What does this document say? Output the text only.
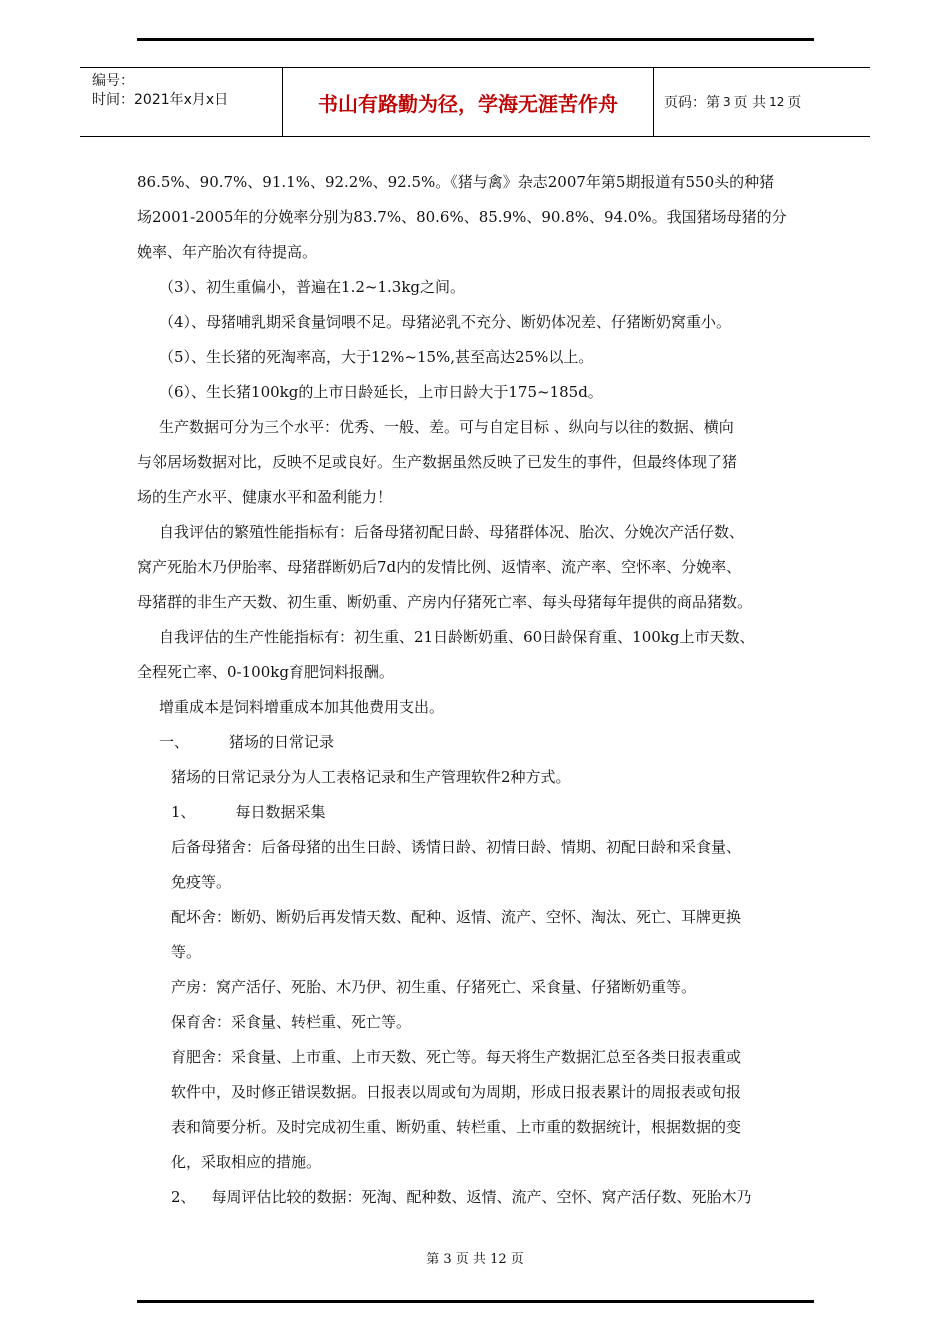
编号：
时间：2021年x月x日	书山有路勤为径，学海无涯苦作舟	页码：第 3 页 共 12 页

86.5%、90.7%、91.1%、92.2%、92.5%。《猪与禽》杂志2007年第5期报道有550头的种猪

场2001-2005年的分娩率分别为83.7%、80.6%、85.9%、90.8%、94.0%。我国猪场母猪的分

娩率、年产胎次有待提高。

（3）、初生重偏小，普遍在1.2~1.3kg之间。

（4）、母猪哺乳期采食量饲喂不足。母猪泌乳不充分、断奶体况差、仔猪断奶窝重小。

（5）、生长猪的死淘率高，大于12%~15%,甚至高达25%以上。

（6）、生长猪100kg的上市日龄延长，上市日龄大于175~185d。

生产数据可分为三个水平：优秀、一般、差。可与自定目标 、纵向与以往的数据、横向

与邻居场数据对比，反映不足或良好。生产数据虽然反映了已发生的事件，但最终体现了猪

场的生产水平、健康水平和盈利能力！

自我评估的繁殖性能指标有：后备母猪初配日龄、母猪群体况、胎次、分娩次产活仔数、

窝产死胎木乃伊胎率、母猪群断奶后7d内的发情比例、返情率、流产率、空怀率、分娩率、

母猪群的非生产天数、初生重、断奶重、产房内仔猪死亡率、每头母猪每年提供的商品猪数。

自我评估的生产性能指标有：初生重、21日龄断奶重、60日龄保育重、100kg上市天数、

全程死亡率、0-100kg育肥饲料报酬。

增重成本是饲料增重成本加其他费用支出。

一、	猪场的日常记录

猪场的日常记录分为人工表格记录和生产管理软件2种方式。

1、	每日数据采集

后备母猪舍：后备母猪的出生日龄、诱情日龄、初情日龄、情期、初配日龄和采食量、

免疫等。

配坏舍：断奶、断奶后再发情天数、配种、返情、流产、空怀、淘汰、死亡、耳牌更换

等。

产房：窝产活仔、死胎、木乃伊、初生重、仔猪死亡、采食量、仔猪断奶重等。

保育舍：采食量、转栏重、死亡等。

育肥舍：采食量、上市重、上市天数、死亡等。每天将生产数据汇总至各类日报表重或

软件中，及时修正错误数据。日报表以周或旬为周期，形成日报表累计的周报表或旬报

表和简要分析。及时完成初生重、断奶重、转栏重、上市重的数据统计，根据数据的变

化，采取相应的措施。

2、 每周评估比较的数据：死淘、配种数、返情、流产、空怀、窝产活仔数、死胎木乃

第 3 页 共 12 页
